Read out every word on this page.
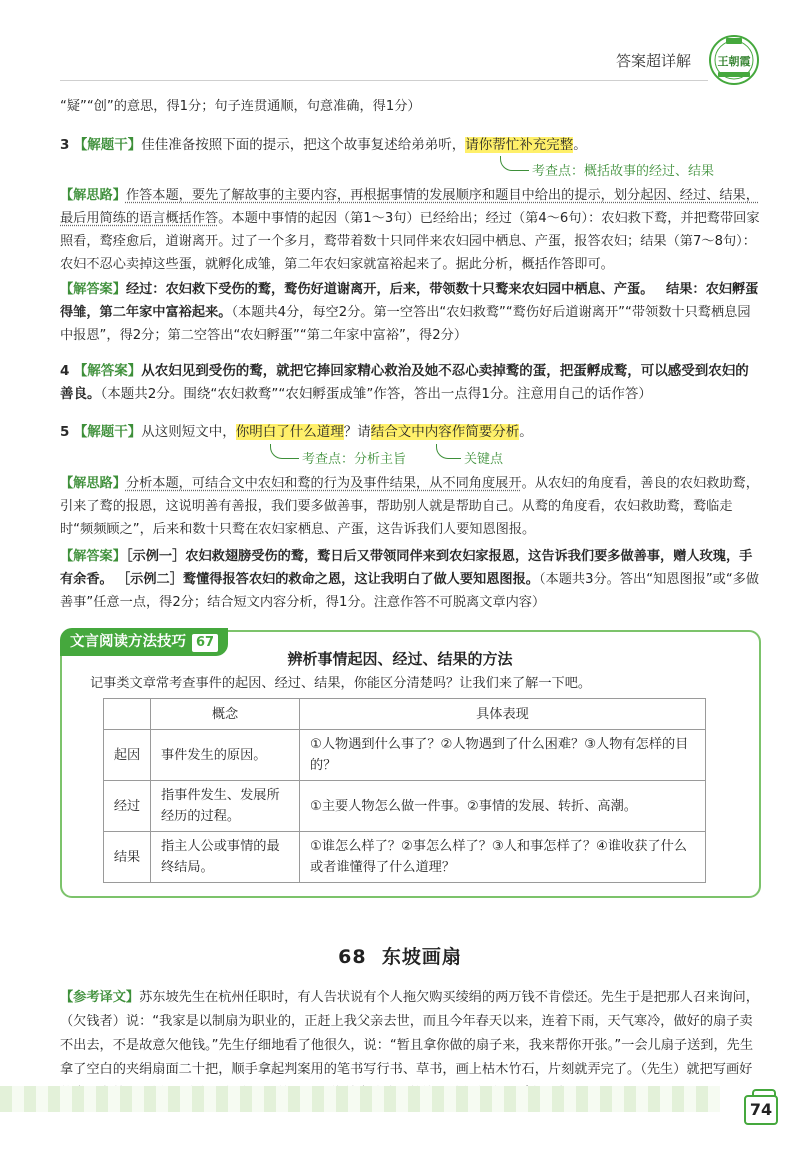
答案超详解 王朝霞
“疑”“创”的意思，得1分；句子连贯通顺，句意准确，得1分）
3 【解题干】佳佳准备按照下面的提示，把这个故事复述给弟弟听，请你帮忙补充完整。
考查点：概括故事的经过、结果
【解思路】作答本题，要先了解故事的主要内容，再根据事情的发展顺序和题目中给出的提示，划分起因、经过、结果，最后用简练的语言概括作答。本题中事情的起因（第1～3句）已经给出；经过（第4～6句）：农妇救下鹜，并把鹜带回家照看，鹜痊愈后，道谢离开。过了一个多月，鹜带着数十只同伴来农妇园中栖息、产蛋，报答农妇；结果（第7～8句）：农妇不忍心卖掉这些蛋，就孵化成雏，第二年农妇家就富裕起来了。据此分析，概括作答即可。
【解答案】经过：农妇救下受伤的鹜，鹜伤好道谢离开，后来，带领数十只鹜来农妇园中栖息、产蛋。 结果：农妇孵蛋得雏，第二年家中富裕起来。（本题共4分，每空2分。第一空答出“农妇救鹜”“鹜伤好后道谢离开”“带领数十只鹜栖息园中报恩”，得2分；第二空答出“农妇孵蛋”“第二年家中富裕”，得2分）
4 【解答案】从农妇见到受伤的鹜，就把它捧回家精心救治及她不忍心卖掉鹜的蛋，把蛋孵成鹜，可以感受到农妇的善良。（本题共2分。围绕“农妇救鹜”“农妇孵蛋成雏”作答，答出一点得1分。注意用自己的话作答）
5 【解题干】从这则短文中，你明白了什么道理？请结合文中内容作简要分析。
考查点：分析主旨	关键点
【解思路】分析本题，可结合文中农妇和鹜的行为及事件结果，从不同角度展开。从农妇的角度看，善良的农妇救助鹜，引来了鹜的报恩，这说明善有善报，我们要多做善事，帮助别人就是帮助自己。从鹜的角度看，农妇救助鹜，鹜临走时“频频顾之”，后来和数十只鹜在农妇家栖息、产蛋，这告诉我们人要知恩图报。
【解答案】［示例一］农妇救翅膀受伤的鹜，鹜日后又带领同伴来到农妇家报恩，这告诉我们要多做善事，赠人玫瑰，手有余香。 ［示例二］鹜懂得报答农妇的救命之恩，这让我明白了做人要知恩图报。（本题共3分。答出“知恩图报”或“多做善事”任意一点，得2分；结合短文内容分析，得1分。注意作答不可脱离文章内容）
文言阅读方法技巧 67
辨析事情起因、经过、结果的方法
记事类文章常考查事件的起因、经过、结果，你能区分清楚吗？让我们来了解一下吧。
	概念	具体表现
起因	事件发生的原因。	①人物遇到什么事了？②人物遇到了什么困难？③人物有怎样的目的？
经过	指事件发生、发展所经历的过程。	①主要人物怎么做一件事。②事情的发展、转折、高潮。
结果	指主人公或事情的最终结局。	①谁怎么样了？②事怎么样了？③人和事怎样了？④谁收获了什么或者谁懂得了什么道理？
68 东坡画扇
【参考译文】苏东坡先生在杭州任职时，有人告状说有个人拖欠购买绫绢的两万钱不肯偿还。先生于是把那人召来询问，（欠钱者）说：“我家是以制扇为职业的，正赶上我父亲去世，而且今年春天以来，连着下雨，天气寒冷，做好的扇子卖不出去，不是故意欠他钱。”先生仔细地看了他很久，说：“暂且拿你做的扇子来，我来帮你开张。”一会儿扇子送到，先生拿了空白的夹绢扇面二十把，顺手拿起判案用的笔书写行书、草书，画上枯木竹石，片刻就弄完了。（先生）就把写画好
74
